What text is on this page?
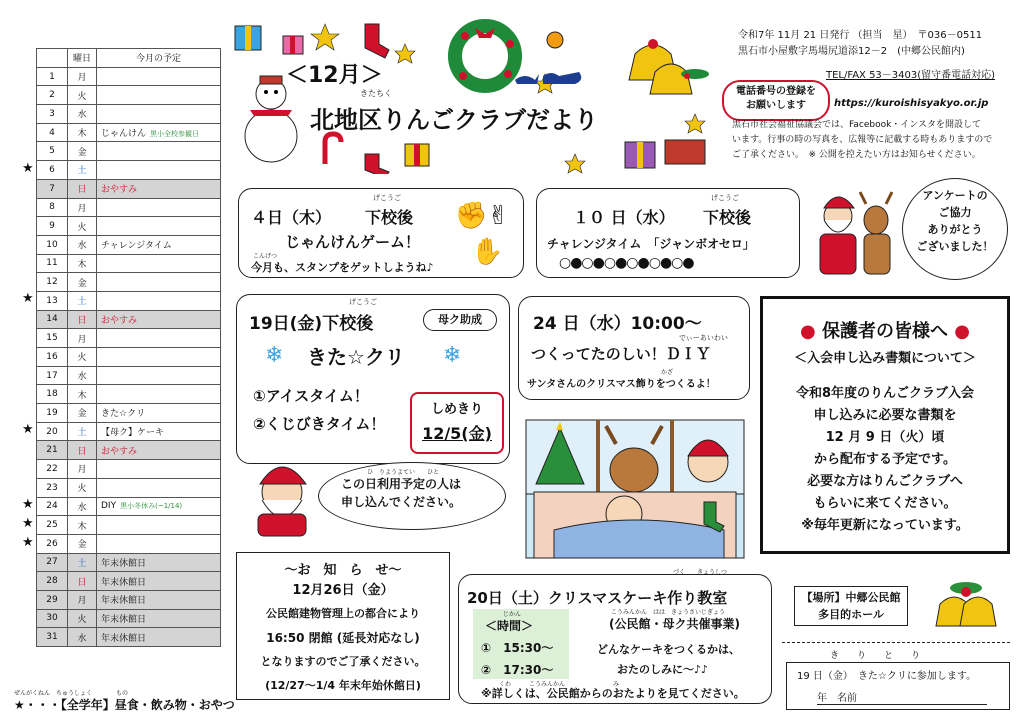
	曜日	今月の予定
1	月	
2	火	
3	水	
4	木	じゃんけん 黒小全校参観日
5	金	
6	土	
7	日	おやすみ
8	月	
9	火	
10	水	チャレンジタイム
11	木	
12	金	
13	土	
14	日	おやすみ
15	月	
16	火	
17	水	
18	木	
19	金	きた☆クリ
20	土	【母ク】ケーキ
21	日	おやすみ
22	月	
23	火	
24	水	DIY 黒小冬休み(~1/14)
25	木	
26	金	
27	土	年末休館日
28	日	年末休館日
29	月	年末休館日
30	火	年末休館日
31	水	年末休館日
★
★
★
★
★
★
ぜんがくねん　ちゅうしょく　　　　もの
★・・・【全学年】昼食・飲み物・おやつ
＜12月＞
きたちく
北地区りんごクラブだより
令和7年 11月 21 日発行 （担当　星）　〒036－0511
黒石市小屋敷字馬場尻道添12－2　(中郷公民館内)
TEL/FAX 53－3403(留守番電話対応)
電話番号の登録を
お願いします	https://kuroishisyakyo.or.jp
黒石市社会福祉協議会では、Facebook・インスタを開設して
います。行事の時の写真を、広報等に記載する時もありますので
ご了承ください。　※ 公開を控えたい方はお知らせください。
げこうご
４日（木） 下校後
じゃんけんゲーム！
こんげつ
今月も、スタンプをゲットしようね♪
✊✌
✋
げこうご
１０ 日（水） 下校後
チャレンジタイム　「ジャンボオセロ」
○●○●○●○●○●○●
アンケートの
ご協力
ありがとう
ございました！
げこうご
19日(金)下校後	母ク助成
❄ きた☆クリ ❄
①アイスタイム！
②くじびきタイム！
しめきり
12/5(金)
ひ　りようよてい　　ひと
この日利用予定の人は
申し込んでください。
24 日（水）10:00～
でぃーあいわい
つくってたのしい！ＤＩＹ
かざ
サンタさんのクリスマス飾りをつくるよ！
● 保護者の皆様へ ●
＜入会申し込み書類について＞
令和8年度のりんごクラブ入会
申し込みに必要な書類を
12 月 9 日（火）頃
から配布する予定です。
必要な方はりんごクラブへ
もらいに来てください。
※毎年更新になっています。
～お　知　ら　せ～
12月26日（金）
公民館建物管理上の都合により
16:50 閉館 (延長対応なし)
となりますのでご了承ください。
(12/27～1/4 年末年始休館日)
づく　　きょうしつ
20日（土）クリスマスケーキ作り教室
こうみんかん　はは　きょうさいじぎょう
(公民館・母ク共催事業)
じかん
＜時間＞
①　15:30～
②　17:30～
どんなケーキをつくるかは、
おたのしみに～♪♪
くわ　　　こうみんかん　　　　　　　　み
※詳しくは、公民館からのおたよりを見てください。
【場所】中郷公民館
多目的ホール
き　　り　　と　　り
19 日（金）　きた☆クリに参加します。
年　名前
